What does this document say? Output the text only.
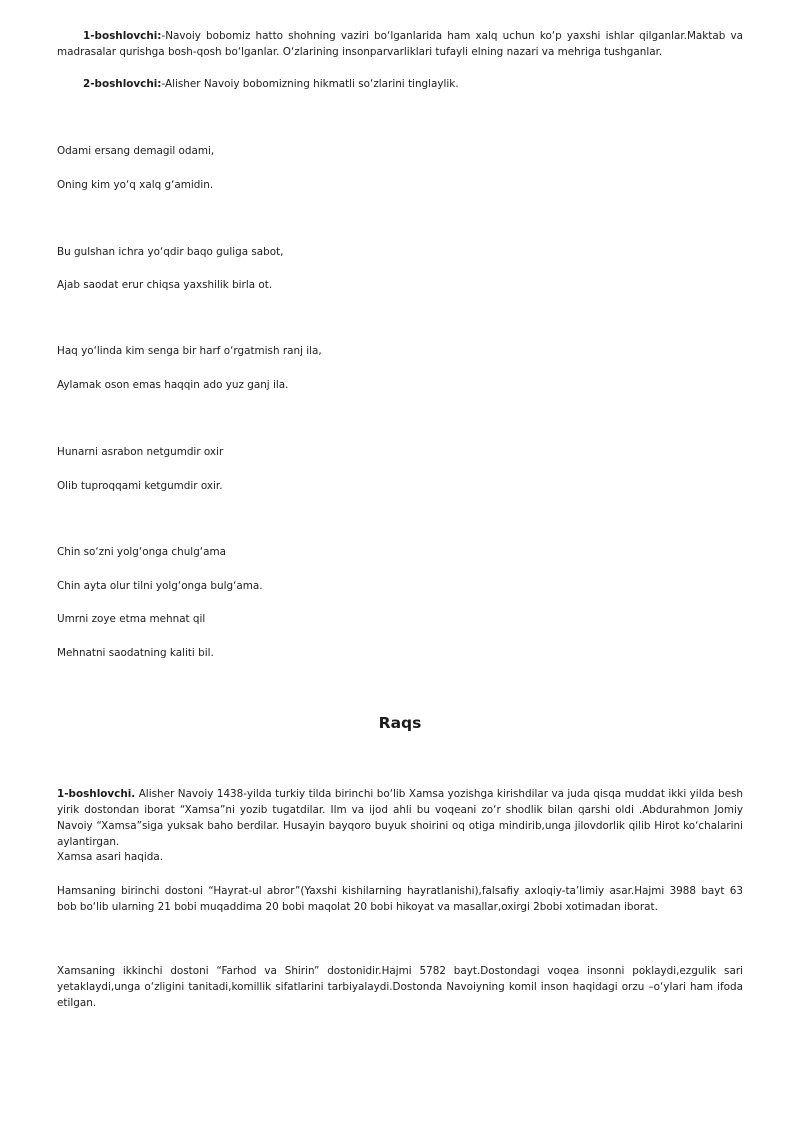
1-boshlovchi:-Navoiy bobomiz hatto shohning vaziri bo‘lganlarida ham xalq uchun ko‘p yaxshi ishlar qilganlar.Maktab va madrasalar qurishga bosh-qosh bo‘lganlar. O‘zlarining insonparvarliklari tufayli elning nazari va mehriga tushganlar.

2-boshlovchi:-Alisher Navoiy bobomizning hikmatli so‘zlarini tinglaylik.

Odami ersang demagil odami,

Oning kim yo‘q xalq g‘amidin.

Bu gulshan ichra yo‘qdir baqo guliga sabot,

Ajab saodat erur chiqsa yaxshilik birla ot.

Haq yo‘linda kim senga bir harf o‘rgatmish ranj ila,

Aylamak oson emas haqqin ado yuz ganj ila.

Hunarni asrabon netgumdir oxir

Olib tuproqqami ketgumdir oxir.

Chin so‘zni yolg‘onga chulg‘ama

Chin ayta olur tilni yolg‘onga bulg‘ama.

Umrni zoye etma mehnat qil

Mehnatni saodatning kaliti bil.

Raqs

1-boshlovchi. Alisher Navoiy 1438-yilda turkiy tilda birinchi bo‘lib Xamsa yozishga kirishdilar va juda qisqa muddat ikki yilda besh yirik dostondan iborat “Xamsa”ni yozib tugatdilar. Ilm va ijod ahli bu voqeani zo‘r shodlik bilan qarshi oldi .Abdurahmon Jomiy Navoiy “Xamsa”siga yuksak baho berdilar. Husayin bayqoro buyuk shoirini oq otiga mindirib,unga jilovdorlik qilib Hirot ko‘chalarini aylantirgan.

Xamsa asari haqida.

Hamsaning birinchi dostoni “Hayrat-ul abror”(Yaxshi kishilarning hayratlanishi),falsafiy axloqiy-ta’limiy asar.Hajmi 3988 bayt 63 bob bo‘lib ularning 21 bobi muqaddima 20 bobi maqolat 20 bobi hikoyat va masallar,oxirgi 2bobi xotimadan iborat.

Xamsaning ikkinchi dostoni “Farhod va Shirin” dostonidir.Hajmi 5782 bayt.Dostondagi voqea insonni poklaydi,ezgulik sari yetaklaydi,unga o‘zligini tanitadi,komillik sifatlarini tarbiyalaydi.Dostonda Navoiyning komil inson haqidagi orzu –o‘ylari ham ifoda etilgan.
